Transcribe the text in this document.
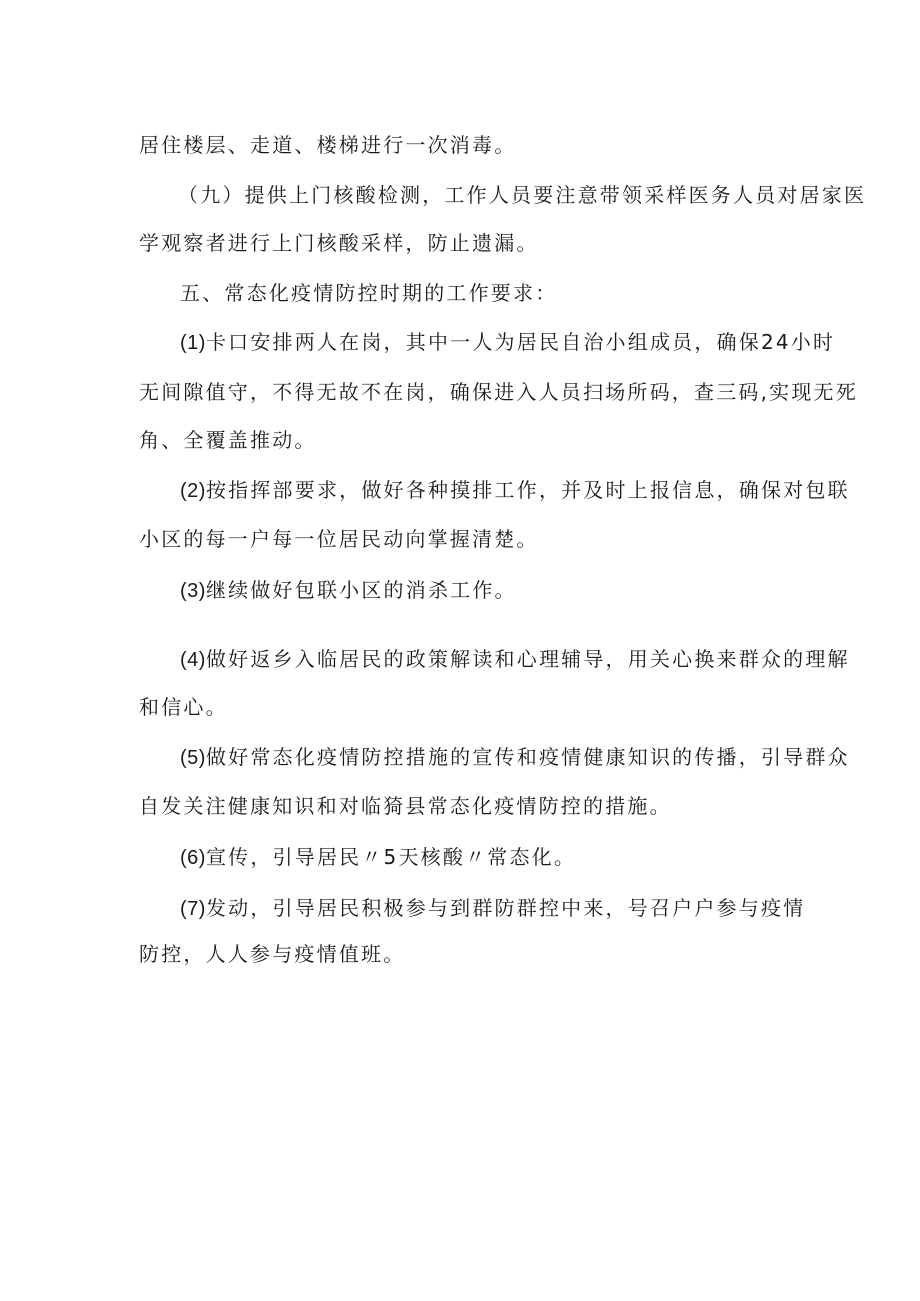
居住楼层、走道、楼梯进行一次消毒。
（九）提供上门核酸检测，工作人员要注意带领采样医务人员对居家医
学观察者进行上门核酸采样，防止遗漏。
五、常态化疫情防控时期的工作要求：
(1)卡口安排两人在岗，其中一人为居民自治小组成员，确保24小时
无间隙值守，不得无故不在岗，确保进入人员扫场所码，查三码,实现无死
角、全覆盖推动。
(2)按指挥部要求，做好各种摸排工作，并及时上报信息，确保对包联
小区的每一户每一位居民动向掌握清楚。
(3)继续做好包联小区的消杀工作。
(4)做好返乡入临居民的政策解读和心理辅导，用关心换来群众的理解
和信心。
(5)做好常态化疫情防控措施的宣传和疫情健康知识的传播，引导群众
自发关注健康知识和对临猗县常态化疫情防控的措施。
(6)宣传，引导居民〃5天核酸〃常态化。
(7)发动，引导居民积极参与到群防群控中来，号召户户参与疫情
防控，人人参与疫情值班。
